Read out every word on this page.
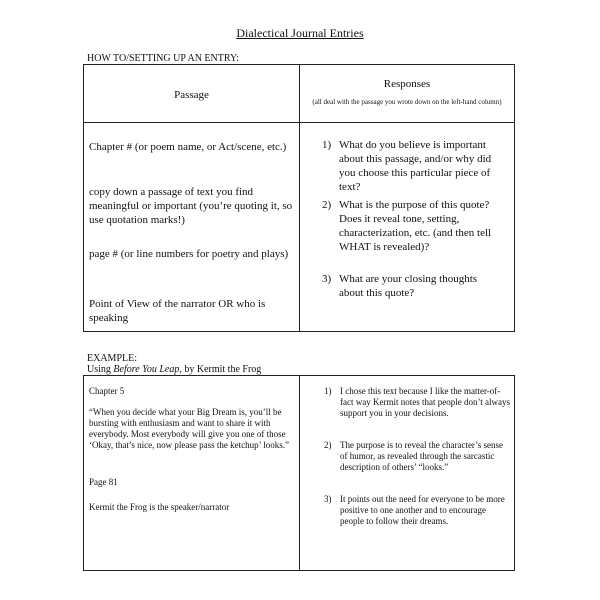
Dialectical Journal Entries
HOW TO/SETTING UP AN ENTRY:
Passage
Responses
(all deal with the passage you wrote down on the left-hand column)
Chapter # (or poem name, or Act/scene, etc.)
copy down a passage of text you find meaningful or important (you’re quoting it, so use quotation marks!)
page # (or line numbers for poetry and plays)
Point of View of the narrator OR who is speaking
1) What do you believe is important about this passage, and/or why did you choose this particular piece of text?
2) What is the purpose of this quote? Does it reveal tone, setting, characterization, etc. (and then tell WHAT is revealed)?
3) What are your closing thoughts about this quote?
EXAMPLE:
Using Before You Leap, by Kermit the Frog
Chapter 5
“When you decide what your Big Dream is, you’ll be bursting with enthusiasm and want to share it with everybody. Most everybody will give you one of those ‘Okay, that’s nice, now please pass the ketchup’ looks.”
Page 81
Kermit the Frog is the speaker/narrator
1) I chose this text because I like the matter-of-fact way Kermit notes that people don’t always support you in your decisions.
2) The purpose is to reveal the character’s sense of humor, as revealed through the sarcastic description of others’ “looks.”
3) It points out the need for everyone to be more positive to one another and to encourage people to follow their dreams.
